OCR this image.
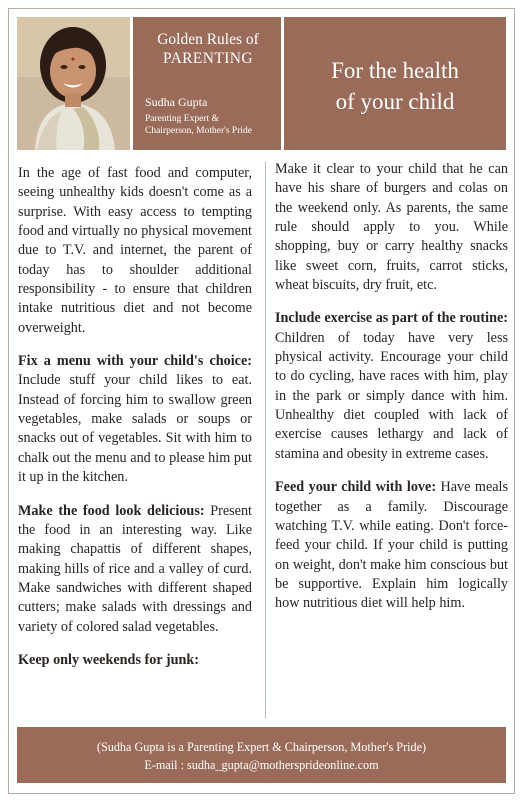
Golden Rules of
PARENTING
Sudha Gupta
Parenting Expert &
Chairperson, Mother's Pride
For the health
of your child

In the age of fast food and computer, seeing unhealthy kids doesn't come as a surprise. With easy access to tempting food and virtually no physical movement due to T.V. and internet, the parent of today has to shoulder additional responsibility - to ensure that children intake nutritious diet and not become overweight.

Fix a menu with your child's choice: Include stuff your child likes to eat. Instead of forcing him to swallow green vegetables, make salads or soups or snacks out of vegetables. Sit with him to chalk out the menu and to please him put it up in the kitchen.

Make the food look delicious: Present the food in an interesting way. Like making chapattis of different shapes, making hills of rice and a valley of curd. Make sandwiches with different shaped cutters; make salads with dressings and variety of colored salad vegetables.

Keep only weekends for junk:

Make it clear to your child that he can have his share of burgers and colas on the weekend only. As parents, the same rule should apply to you. While shopping, buy or carry healthy snacks like sweet corn, fruits, carrot sticks, wheat biscuits, dry fruit, etc.

Include exercise as part of the routine: Children of today have very less physical activity. Encourage your child to do cycling, have races with him, play in the park or simply dance with him. Unhealthy diet coupled with lack of exercise causes lethargy and lack of stamina and obesity in extreme cases.

Feed your child with love: Have meals together as a family. Discourage watching T.V. while eating. Don't force-feed your child. If your child is putting on weight, don't make him conscious but be supportive. Explain him logically how nutritious diet will help him.

(Sudha Gupta is a Parenting Expert & Chairperson, Mother's Pride)
E-mail : sudha_gupta@mothersprideonline.com
